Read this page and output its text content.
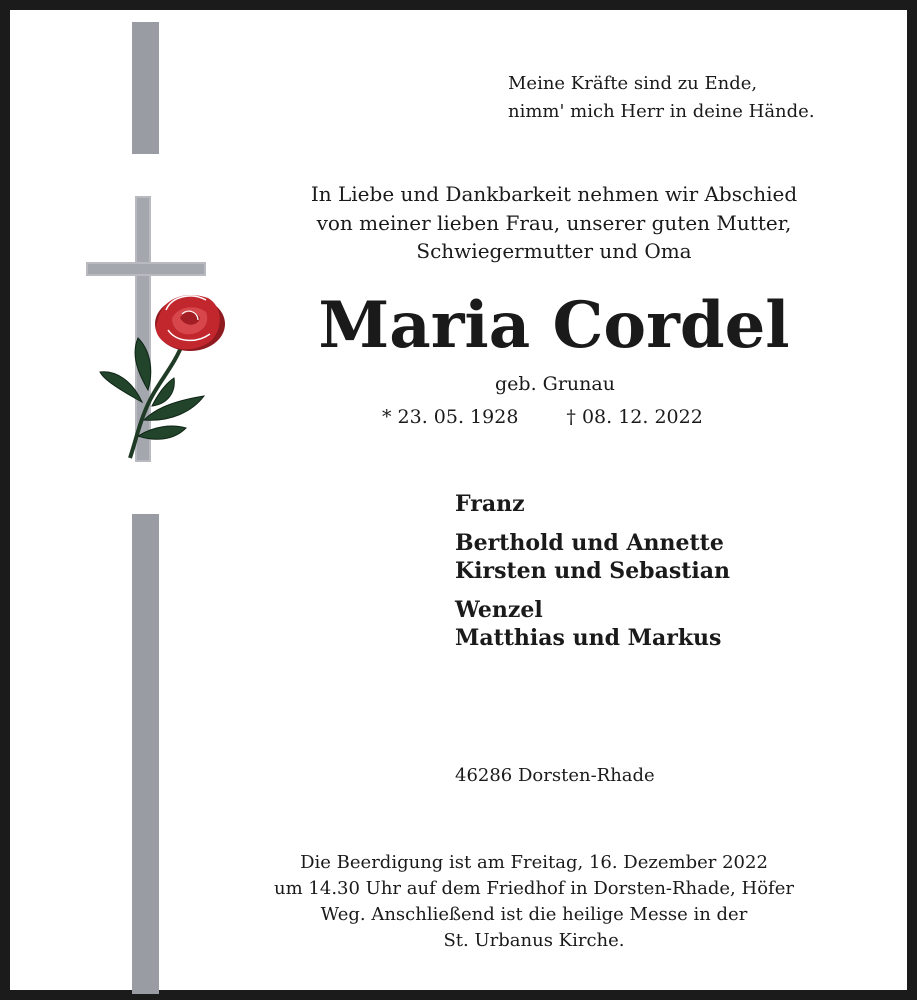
Meine Kräfte sind zu Ende,
nimm' mich Herr in deine Hände.
In Liebe und Dankbarkeit nehmen wir Abschied
von meiner lieben Frau, unserer guten Mutter,
Schwiegermutter und Oma
Maria Cordel
geb. Grunau
* 23. 05. 1928	† 08. 12. 2022
Franz
Berthold und Annette
Kirsten und Sebastian
Wenzel
Matthias und Markus
46286 Dorsten-Rhade
Die Beerdigung ist am Freitag, 16. Dezember 2022
um 14.30 Uhr auf dem Friedhof in Dorsten-Rhade, Höfer
Weg. Anschließend ist die heilige Messe in der
St. Urbanus Kirche.
